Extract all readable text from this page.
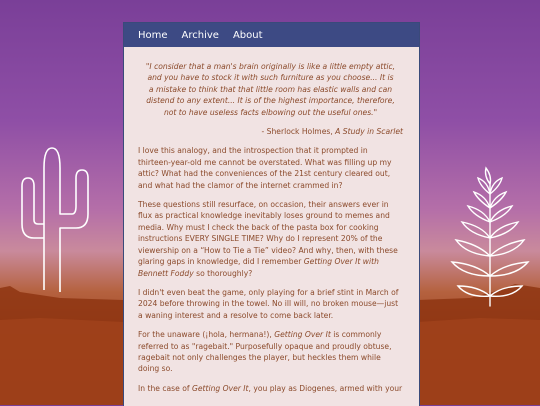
Home Archive About

"I consider that a man's brain originally is like a little empty attic, and you have to stock it with such furniture as you choose... It is a mistake to think that that little room has elastic walls and can distend to any extent... It is of the highest importance, therefore, not to have useless facts elbowing out the useful ones."

- Sherlock Holmes, A Study in Scarlet

I love this analogy, and the introspection that it prompted in thirteen-year-old me cannot be overstated. What was filling up my attic? What had the conveniences of the 21st century cleared out, and what had the clamor of the internet crammed in?

These questions still resurface, on occasion, their answers ever in flux as practical knowledge inevitably loses ground to memes and media. Why must I check the back of the pasta box for cooking instructions EVERY SINGLE TIME? Why do I represent 20% of the viewership on a “How to Tie a Tie” video? And why, then, with these glaring gaps in knowledge, did I remember Getting Over It with Bennett Foddy so thoroughly?

I didn't even beat the game, only playing for a brief stint in March of 2024 before throwing in the towel. No ill will, no broken mouse—just a waning interest and a resolve to come back later.

For the unaware (¡hola, hermana!), Getting Over It is commonly referred to as "ragebait." Purposefully opaque and proudly obtuse, ragebait not only challenges the player, but heckles them while doing so.

In the case of Getting Over It, you play as Diogenes, armed with your
